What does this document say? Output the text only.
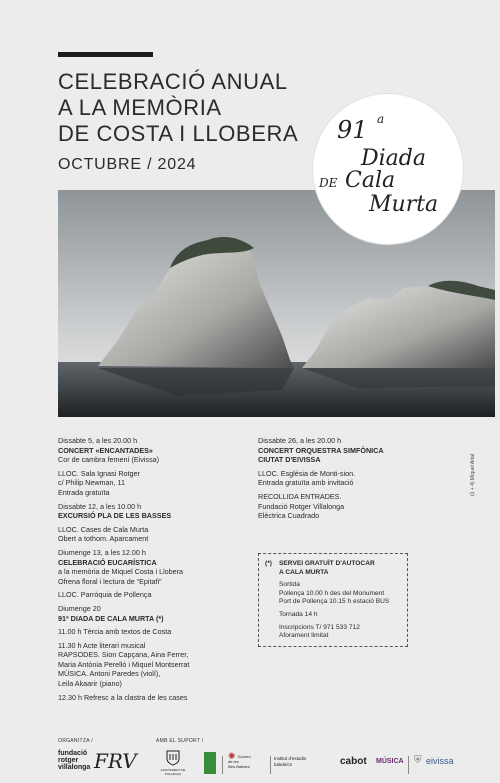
CELEBRACIÓ ANUAL
A LA MEMÒRIA
DE COSTA I LLOBERA
OCTUBRE / 2024
91 a
Diada
DE Cala
Murta
Dissabte 5, a les 20.00 h
CONCERT «ENCANTADES»
Cor de cambra femení (Eivissa)
LLOC. Sala Ignasi Rotger
c/ Philip Newman, 11
Entrada gratuïta
Dissabte 12, a les 10.00 h
EXCURSIÓ PLA DE LES BASSES
LLOC. Cases de Cala Murta
Obert a tothom. Aparcament
Diumenge 13, a les 12.00 h
CELEBRACIÓ EUCARÍSTICA
a la memòria de Miquel Costa i Llobera
Ofrena floral i lectura de “Epitafi”
LLOC. Parròquia de Pollença
Diumenge 20
91ª DIADA DE CALA MURTA (*)
11.00 h Tèrcia amb textos de Costa
11.30 h Acte literari musical
RAPSODES. Sion Capçana, Aina Ferrer,
Maria Antònia Perelló i Miquel Montserrat
MÚSICA. Antoni Paredes (violí),
Leila Akaarir (piano)
12.30 h Refresc a la clastra de les cases
Dissabte 26, a les 20.00 h
CONCERT ORQUESTRA SIMFÒNICA
CIUTAT D'EIVISSA
LLOC. Església de Monti-sion.
Entrada gratuïta amb invitació
RECOLLIDA ENTRADES.
Fundació Rotger Villalonga
Elèctrica Cuadrado
(*) SERVEI GRATUÏT D'AUTOCAR
A CALA MURTA
Sortida
Pollença 10.00 h des del Monument
Port de Pollença 10.15 h estació BUS
Tornada 14 h
Inscripcions T/ 971 533 712
Aforament limitat
(1 + 4) Miquel Artal
ORGANITZA /	AMB EL SUPORT /
fundació
rotger
villalonga FRV	AJUNTAMENT DE POLLENÇA
✺ Govern de les
Illes Balears
Institut d'estudis
baleàrics	cabot MÚSICA ⛨ eivissa
